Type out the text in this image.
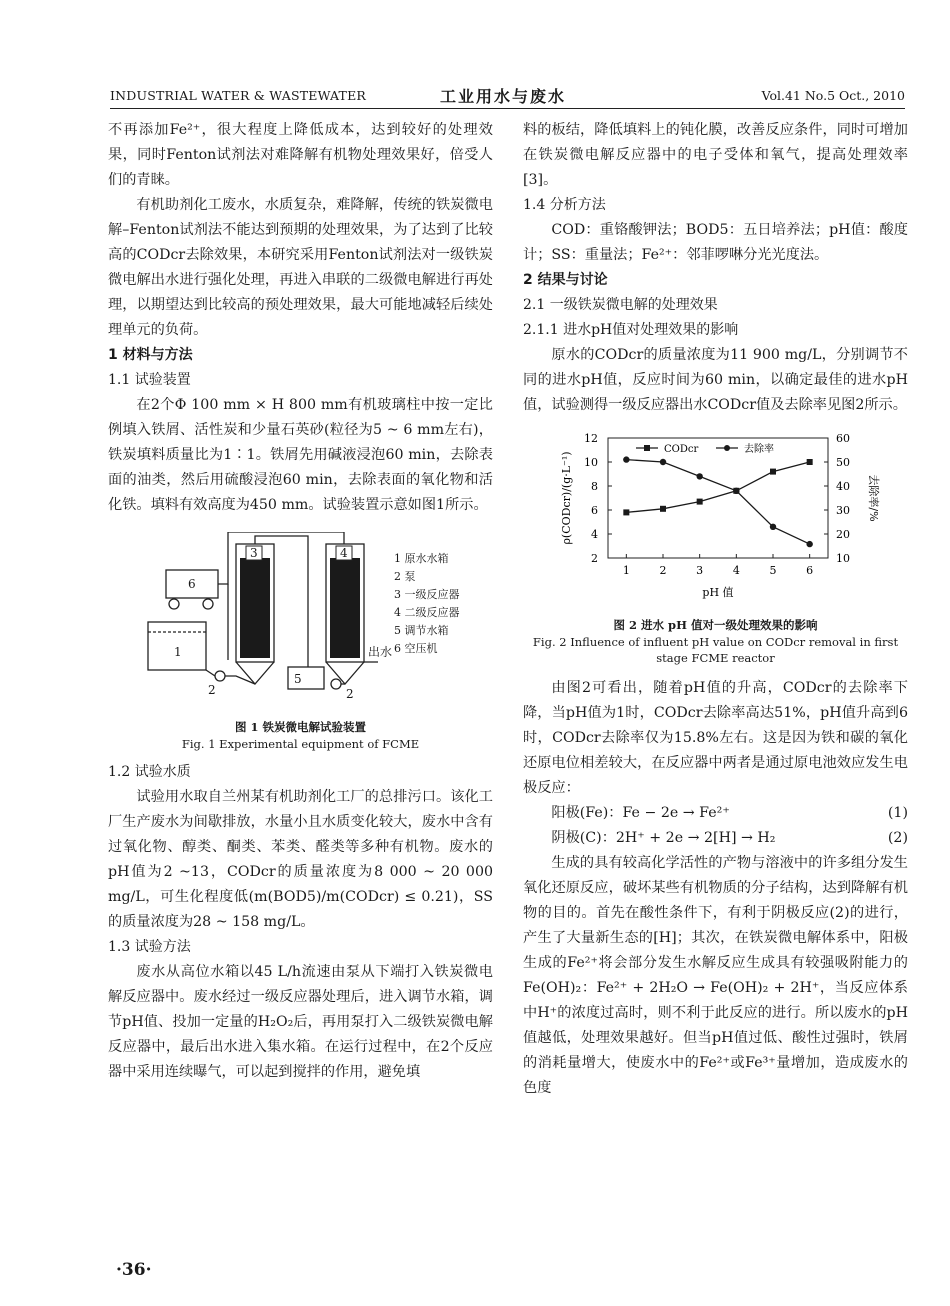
INDUSTRIAL WATER & WASTEWATER	工业用水与废水	Vol.41 No.5 Oct., 2010

不再添加Fe²⁺，很大程度上降低成本，达到较好的处理效果，同时Fenton试剂法对难降解有机物处理效果好，倍受人们的青睐。

有机助剂化工废水，水质复杂，难降解，传统的铁炭微电解–Fenton试剂法不能达到预期的处理效果，为了达到了比较高的CODcr去除效果，本研究采用Fenton试剂法对一级铁炭微电解出水进行强化处理，再进入串联的二级微电解进行再处理，以期望达到比较高的预处理效果，最大可能地减轻后续处理单元的负荷。

1 材料与方法

1.1 试验装置

在2个Φ 100 mm × H 800 mm有机玻璃柱中按一定比例填入铁屑、活性炭和少量石英砂(粒径为5 ~ 6 mm左右)，铁炭填料质量比为1∶1。铁屑先用碱液浸泡60 min，去除表面的油类，然后用硫酸浸泡60 min，去除表面的氧化物和活化铁。填料有效高度为450 mm。试验装置示意如图1所示。

6
1
3	4
5
2	2
出水
1 原水水箱
2 泵
3 一级反应器
4 二级反应器
5 调节水箱
6 空压机
图 1 铁炭微电解试验装置
Fig. 1 Experimental equipment of FCME

1.2 试验水质

试验用水取自兰州某有机助剂化工厂的总排污口。该化工厂生产废水为间歇排放，水量小且水质变化较大，废水中含有过氧化物、醇类、酮类、苯类、醛类等多种有机物。废水的pH值为2 ~13，CODcr的质量浓度为8 000 ~ 20 000 mg/L，可生化程度低(m(BOD5)/m(CODcr) ≤ 0.21)，SS的质量浓度为28 ~ 158 mg/L。

1.3 试验方法

废水从高位水箱以45 L/h流速由泵从下端打入铁炭微电解反应器中。废水经过一级反应器处理后，进入调节水箱，调节pH值、投加一定量的H₂O₂后，再用泵打入二级铁炭微电解反应器中，最后出水进入集水箱。在运行过程中，在2个反应器中采用连续曝气，可以起到搅拌的作用，避免填

料的板结，降低填料上的钝化膜，改善反应条件，同时可增加在铁炭微电解反应器中的电子受体和氧气，提高处理效率[3]。

1.4 分析方法

COD：重铬酸钾法；BOD5：五日培养法；pH值：酸度计；SS：重量法；Fe²⁺：邻菲啰啉分光光度法。

2 结果与讨论

2.1 一级铁炭微电解的处理效果

2.1.1 进水pH值对处理效果的影响

原水的CODcr的质量浓度为11 900 mg/L，分别调节不同的进水pH值，反应时间为60 min，以确定最佳的进水pH值，试验测得一级反应器出水CODcr值及去除率见图2所示。

2
4
6
8
10
12
10
20
30
40
50
60
1	2	3	4	5	6
pH 值
ρ(CODcr)/(g·L⁻¹)	去除率/%
CODcr	去除率
图 2 进水 pH 值对一级处理效果的影响
Fig. 2 Influence of influent pH value on CODcr removal in first stage FCME reactor

由图2可看出，随着pH值的升高，CODcr的去除率下降，当pH值为1时，CODcr去除率高达51%，pH值升高到6时，CODcr去除率仅为15.8%左右。这是因为铁和碳的氧化还原电位相差较大，在反应器中两者是通过原电池效应发生电极反应：

阳极(Fe)：Fe − 2e → Fe²⁺	(1)
阴极(C)：2H⁺ + 2e → 2[H] → H₂	(2)

生成的具有较高化学活性的产物与溶液中的许多组分发生氧化还原反应，破坏某些有机物质的分子结构，达到降解有机物的目的。首先在酸性条件下，有利于阴极反应(2)的进行，产生了大量新生态的[H]；其次，在铁炭微电解体系中，阳极生成的Fe²⁺将会部分发生水解反应生成具有较强吸附能力的Fe(OH)₂：Fe²⁺ + 2H₂O → Fe(OH)₂ + 2H⁺，当反应体系中H⁺的浓度过高时，则不利于此反应的进行。所以废水的pH值越低，处理效果越好。但当pH值过低、酸性过强时，铁屑的消耗量增大，使废水中的Fe²⁺或Fe³⁺量增加，造成废水的色度

·36·
